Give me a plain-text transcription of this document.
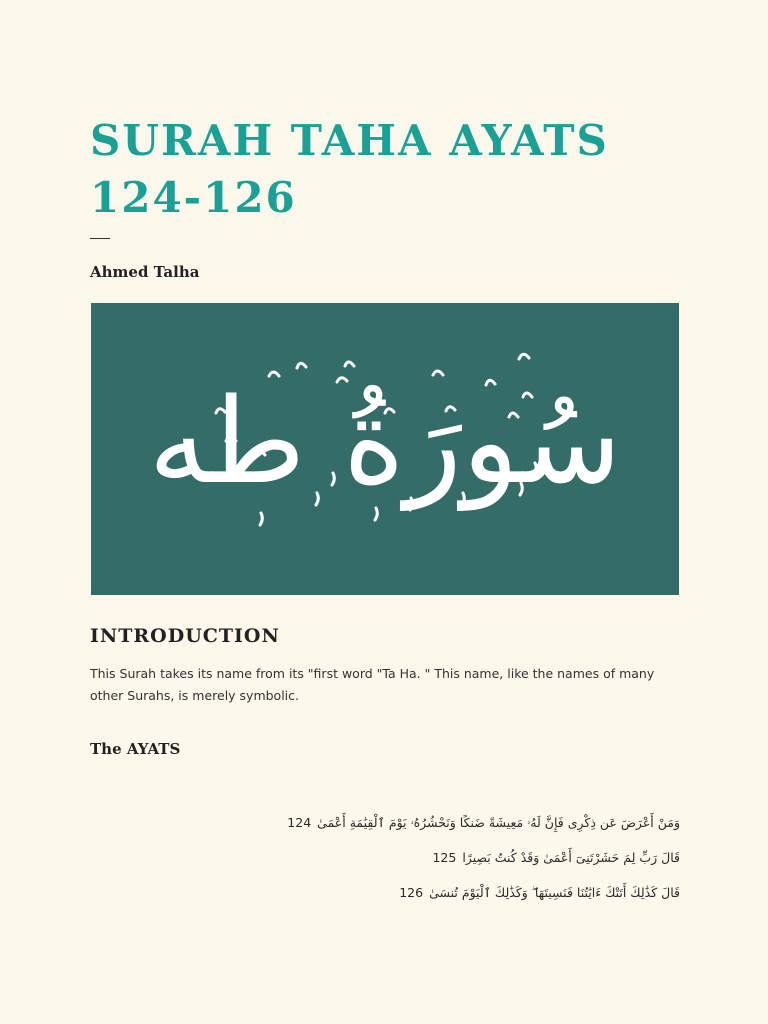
SURAH TAHA AYATS
124-126
Ahmed Talha
سُورَةُ طه
INTRODUCTION

This Surah takes its name from its "first word "Ta Ha. " This name, like the names of many other Surahs, is merely symbolic.

The AYATS
وَمَنْ أَعْرَضَ عَن ذِكْرِى فَإِنَّ لَهُۥ مَعِيشَةً ضَنكًا وَنَحْشُرُهُۥ يَوْمَ ٱلْقِيَٰمَةِ أَعْمَىٰ124
قَالَ رَبِّ لِمَ حَشَرْتَنِىٓ أَعْمَىٰ وَقَدْ كُنتُ بَصِيرًا125
قَالَ كَذَٰلِكَ أَتَتْكَ ءَايَٰتُنَا فَنَسِيتَهَا ۖ وَكَذَٰلِكَ ٱلْيَوْمَ تُنسَىٰ126
